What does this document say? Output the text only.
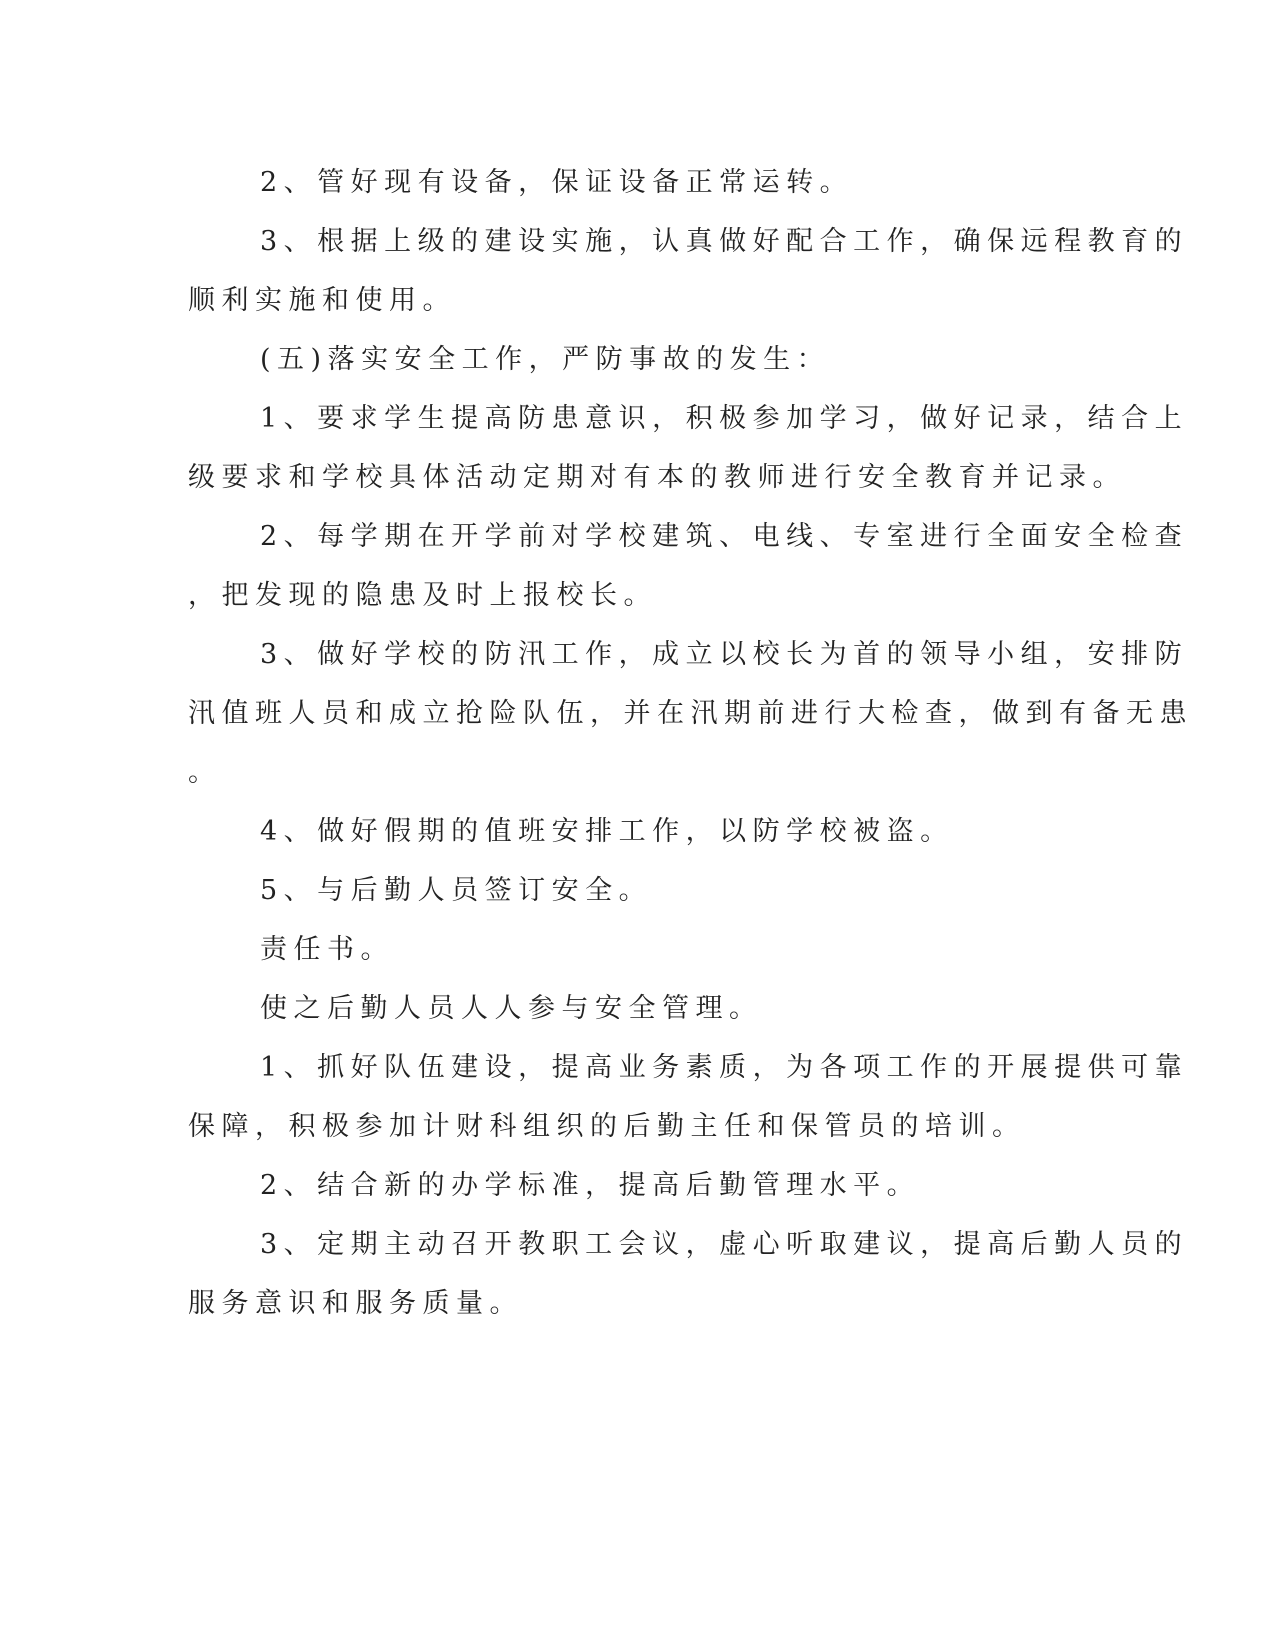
2、管好现有设备，保证设备正常运转。

3、根据上级的建设实施，认真做好配合工作，确保远程教育的

顺利实施和使用。

(五)落实安全工作，严防事故的发生：

1、要求学生提高防患意识，积极参加学习，做好记录，结合上

级要求和学校具体活动定期对有本的教师进行安全教育并记录。

2、每学期在开学前对学校建筑、电线、专室进行全面安全检查

，把发现的隐患及时上报校长。

3、做好学校的防汛工作，成立以校长为首的领导小组，安排防

汛值班人员和成立抢险队伍，并在汛期前进行大检查，做到有备无患

。

4、做好假期的值班安排工作，以防学校被盗。

5、与后勤人员签订安全。

责任书。

使之后勤人员人人参与安全管理。

1、抓好队伍建设，提高业务素质，为各项工作的开展提供可靠

保障，积极参加计财科组织的后勤主任和保管员的培训。

2、结合新的办学标准，提高后勤管理水平。

3、定期主动召开教职工会议，虚心听取建议，提高后勤人员的

服务意识和服务质量。
